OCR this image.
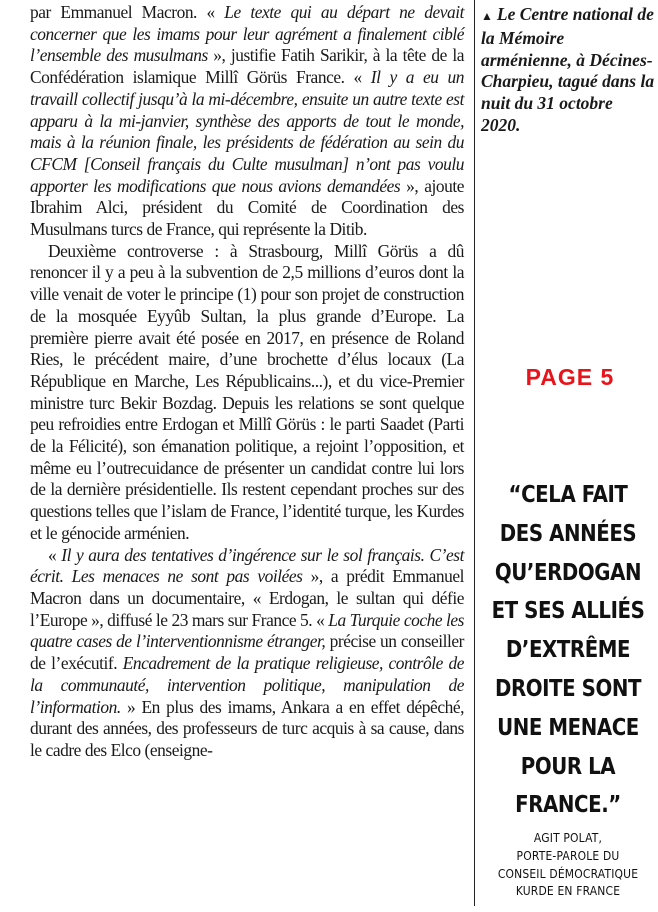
par Emmanuel Macron. « Le texte qui au départ ne devait concerner que les imams pour leur agrément a finalement ciblé l’ensemble des musulmans », justifie Fatih Sarikir, à la tête de la Confédération islamique Millî Görüs France. « Il y a eu un travaill collectif jusqu’à la mi-décembre, ensuite un autre texte est apparu à la mi-janvier, synthèse des apports de tout le monde, mais à la réunion finale, les présidents de fédération au sein du CFCM [Conseil français du Culte musulman] n’ont pas voulu apporter les modifications que nous avions demandées », ajoute Ibrahim Alci, président du Comité de Coordination des Musulmans turcs de France, qui représente la Ditib.

Deuxième controverse : à Strasbourg, Millî Görüs a dû renoncer il y a peu à la subvention de 2,5 millions d’euros dont la ville venait de voter le principe (1) pour son projet de construction de la mosquée Eyyûb Sultan, la plus grande d’Europe. La première pierre avait été posée en 2017, en présence de Roland Ries, le précédent maire, d’une brochette d’élus locaux (La République en Marche, Les Républicains...), et du vice-Premier ministre turc Bekir Bozdag. Depuis les relations se sont quelque peu refroidies entre Erdogan et Millî Görüs : le parti Saadet (Parti de la Félicité), son émanation politique, a rejoint l’opposition, et même eu l’outrecuidance de présenter un candidat contre lui lors de la dernière présidentielle. Ils restent cependant proches sur des questions telles que l’islam de France, l’identité turque, les Kurdes et le génocide arménien.

« Il y aura des tentatives d’ingérence sur le sol français. C’est écrit. Les menaces ne sont pas voilées », a prédit Emmanuel Macron dans un documentaire, « Erdogan, le sultan qui défie l’Europe », diffusé le 23 mars sur France 5. « La Turquie coche les quatre cases de l’interventionnisme étranger, précise un conseiller de l’exécutif. Encadrement de la pratique religieuse, contrôle de la communauté, intervention politique, manipulation de l’information. » En plus des imams, Ankara a en effet dépêché, durant des années, des professeurs de turc acquis à sa cause, dans le cadre des Elco (enseigne-

▲ Le Centre national de la Mémoire arménienne, à Décines-Charpieu, tagué dans la nuit du 31 octobre 2020.
PAGE 5
“CELA FAIT
DES ANNÉES
QU’ERDOGAN
ET SES ALLIÉS
D’EXTRÊME
DROITE SONT
UNE MENACE
POUR LA
FRANCE.”
AGIT POLAT,
PORTE-PAROLE DU
CONSEIL DÉMOCRATIQUE
KURDE EN FRANCE
